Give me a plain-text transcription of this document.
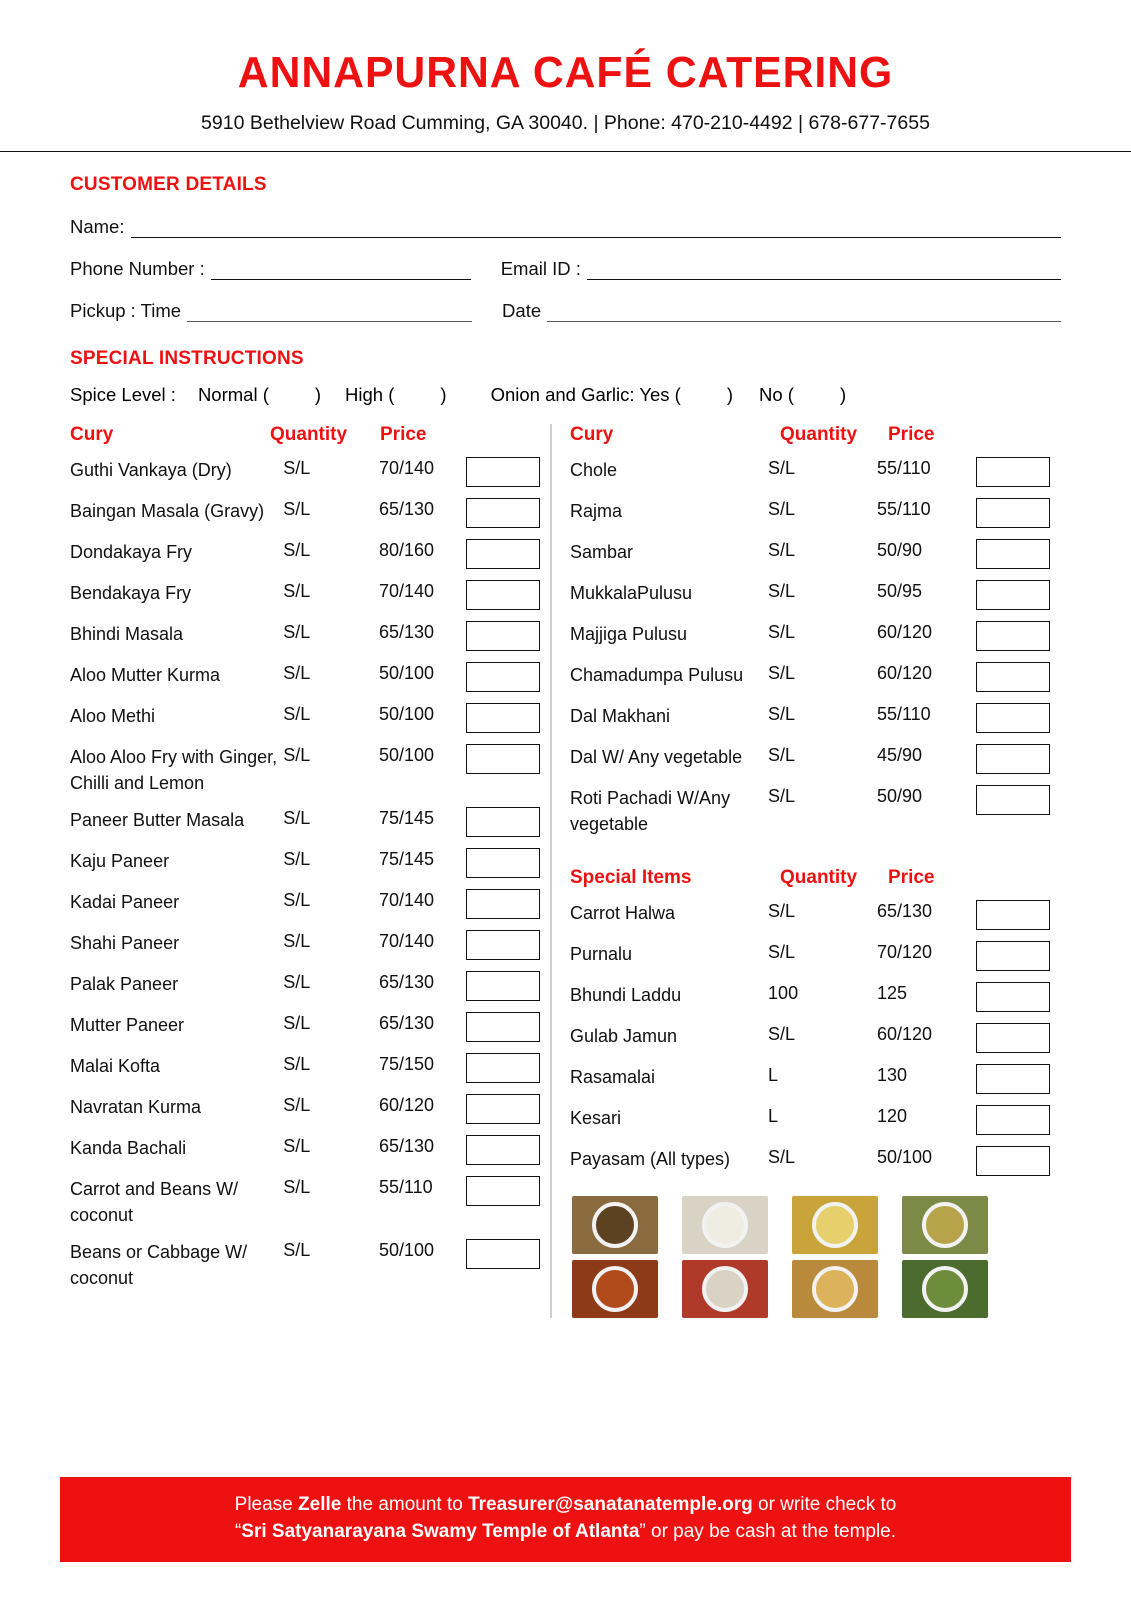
ANNAPURNA CAFÉ CATERING
5910 Bethelview Road Cumming, GA 30040. | Phone: 470-210-4492 | 678-677-7655
CUSTOMER DETAILS
Name:
Phone Number :	Email ID :
Pickup : Time	Date
SPECIAL INSTRUCTIONS
Spice Level : Normal ( ) High ( ) Onion and Garlic: Yes ( ) No ( )
Cury	Quantity	Price
Guthi Vankaya (Dry)	S/L	70/140
Baingan Masala (Gravy)	S/L	65/130
Dondakaya Fry	S/L	80/160
Bendakaya Fry	S/L	70/140
Bhindi Masala	S/L	65/130
Aloo Mutter Kurma	S/L	50/100
Aloo Methi	S/L	50/100
Aloo Aloo Fry with Ginger, Chilli and Lemon
S/L	50/100
Paneer Butter Masala	S/L	75/145
Kaju Paneer	S/L	75/145
Kadai Paneer	S/L	70/140
Shahi Paneer	S/L	70/140
Palak Paneer	S/L	65/130
Mutter Paneer	S/L	65/130
Malai Kofta	S/L	75/150
Navratan Kurma	S/L	60/120
Kanda Bachali	S/L	65/130
Carrot and Beans W/ coconut
S/L	55/110
Beans or Cabbage W/ coconut
S/L	50/100
Cury	Quantity	Price
Chole	S/L	55/110
Rajma	S/L	55/110
Sambar	S/L	50/90
MukkalaPulusu	S/L	50/95
Majjiga Pulusu	S/L	60/120
Chamadumpa Pulusu	S/L	60/120
Dal Makhani	S/L	55/110
Dal W/ Any vegetable	S/L	45/90
Roti Pachadi W/Any vegetable
S/L	50/90
Special Items	Quantity	Price
Carrot Halwa	S/L	65/130
Purnalu	S/L	70/120
Bhundi Laddu	100	125
Gulab Jamun	S/L	60/120
Rasamalai	L	130
Kesari	L	120
Payasam (All types)	S/L	50/100
Please Zelle the amount to Treasurer@sanatanatemple.org or write check to
“Sri Satyanarayana Swamy Temple of Atlanta” or pay be cash at the temple.
